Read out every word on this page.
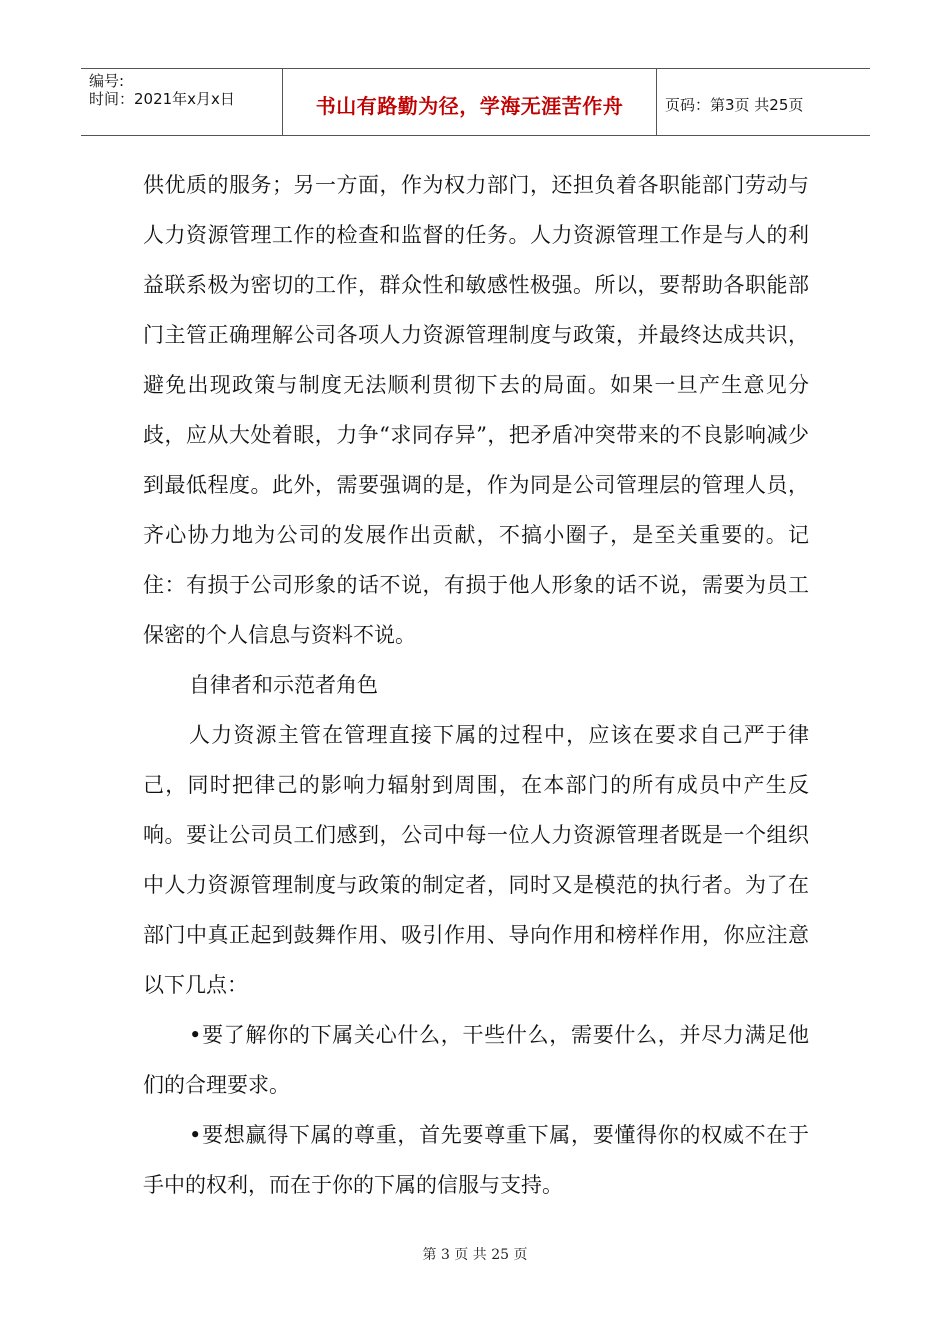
编号:
时间：2021年x月x日	书山有路勤为径，学海无涯苦作舟	页码：第3页 共25页

供优质的服务；另一方面，作为权力部门，还担负着各职能部门劳动与人力资源管理工作的检查和监督的任务。人力资源管理工作是与人的利益联系极为密切的工作，群众性和敏感性极强。所以，要帮助各职能部门主管正确理解公司各项人力资源管理制度与政策，并最终达成共识，避免出现政策与制度无法顺利贯彻下去的局面。如果一旦产生意见分歧，应从大处着眼，力争“求同存异”，把矛盾冲突带来的不良影响减少到最低程度。此外，需要强调的是，作为同是公司管理层的管理人员，齐心协力地为公司的发展作出贡献，不搞小圈子，是至关重要的。记住：有损于公司形象的话不说，有损于他人形象的话不说，需要为员工保密的个人信息与资料不说。

自律者和示范者角色

人力资源主管在管理直接下属的过程中，应该在要求自己严于律己，同时把律己的影响力辐射到周围，在本部门的所有成员中产生反响。要让公司员工们感到，公司中每一位人力资源管理者既是一个组织中人力资源管理制度与政策的制定者，同时又是模范的执行者。为了在部门中真正起到鼓舞作用、吸引作用、导向作用和榜样作用，你应注意以下几点：

•要了解你的下属关心什么，干些什么，需要什么，并尽力满足他们的合理要求。

•要想赢得下属的尊重，首先要尊重下属，要懂得你的权威不在于手中的权利，而在于你的下属的信服与支持。

第 3 页 共 25 页
